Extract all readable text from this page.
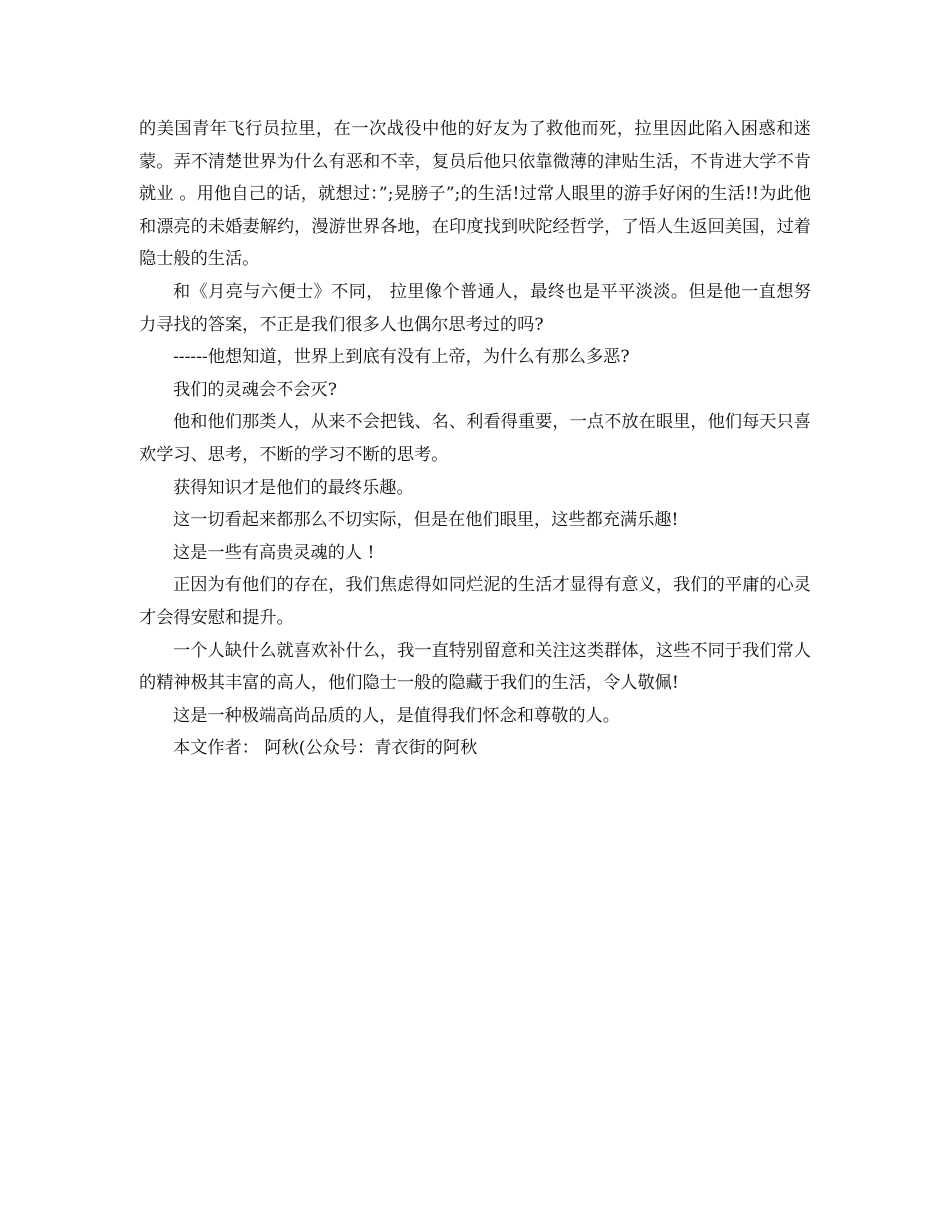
的美国青年飞行员拉里，在一次战役中他的好友为了救他而死，拉里因此陷入困惑和迷蒙。弄不清楚世界为什么有恶和不幸，复员后他只依靠微薄的津贴生活，不肯进大学不肯就业 。用他自己的话，就想过：”;晃膀子”;的生活!过常人眼里的游手好闲的生活!!为此他和漂亮的未婚妻解约，漫游世界各地，在印度找到吠陀经哲学，了悟人生返回美国，过着隐士般的生活。

和《月亮与六便士》不同， 拉里像个普通人，最终也是平平淡淡。但是他一直想努力寻找的答案，不正是我们很多人也偶尔思考过的吗?

------他想知道，世界上到底有没有上帝，为什么有那么多恶?

我们的灵魂会不会灭?

他和他们那类人，从来不会把钱、名、利看得重要，一点不放在眼里，他们每天只喜欢学习、思考，不断的学习不断的思考。

获得知识才是他们的最终乐趣。

这一切看起来都那么不切实际，但是在他们眼里，这些都充满乐趣!

这是一些有高贵灵魂的人 !

正因为有他们的存在，我们焦虑得如同烂泥的生活才显得有意义，我们的平庸的心灵才会得安慰和提升。

一个人缺什么就喜欢补什么，我一直特别留意和关注这类群体，这些不同于我们常人的精神极其丰富的高人，他们隐士一般的隐藏于我们的生活，令人敬佩!

这是一种极端高尚品质的人，是值得我们怀念和尊敬的人。

本文作者： 阿秋(公众号：青衣街的阿秋
